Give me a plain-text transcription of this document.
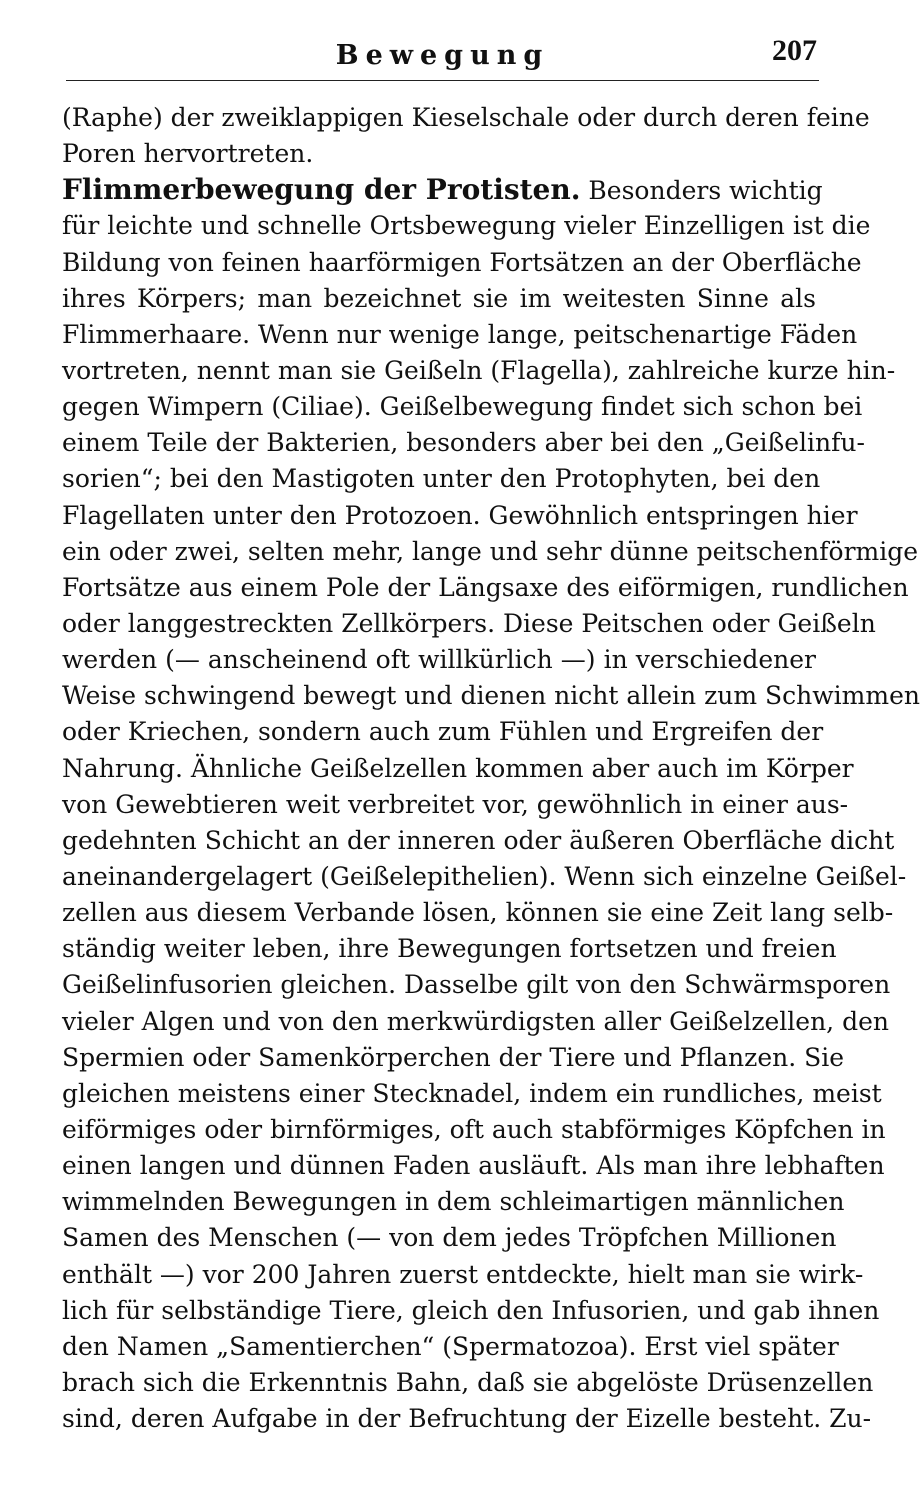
Bewegung	207
(Raphe) der zweiklappigen Kieselschale oder durch deren feine
Poren hervortreten.
Flimmerbewegung der Protisten. Besonders wichtig
für leichte und schnelle Ortsbewegung vieler Einzelligen ist die
Bildung von feinen haarförmigen Fortsätzen an der Oberfläche
ihres Körpers; man bezeichnet sie im weitesten Sinne als
Flimmerhaare. Wenn nur wenige lange, peitschenartige Fäden
vortreten, nennt man sie Geißeln (Flagella), zahlreiche kurze hin-
gegen Wimpern (Ciliae). Geißelbewegung findet sich schon bei
einem Teile der Bakterien, besonders aber bei den „Geißelinfu-
sorien“; bei den Mastigoten unter den Protophyten, bei den
Flagellaten unter den Protozoen. Gewöhnlich entspringen hier
ein oder zwei, selten mehr, lange und sehr dünne peitschenförmige
Fortsätze aus einem Pole der Längsaxe des eiförmigen, rundlichen
oder langgestreckten Zellkörpers. Diese Peitschen oder Geißeln
werden (— anscheinend oft willkürlich —) in verschiedener
Weise schwingend bewegt und dienen nicht allein zum Schwimmen
oder Kriechen, sondern auch zum Fühlen und Ergreifen der
Nahrung. Ähnliche Geißelzellen kommen aber auch im Körper
von Gewebtieren weit verbreitet vor, gewöhnlich in einer aus-
gedehnten Schicht an der inneren oder äußeren Oberfläche dicht
aneinandergelagert (Geißelepithelien). Wenn sich einzelne Geißel-
zellen aus diesem Verbande lösen, können sie eine Zeit lang selb-
ständig weiter leben, ihre Bewegungen fortsetzen und freien
Geißelinfusorien gleichen. Dasselbe gilt von den Schwärmsporen
vieler Algen und von den merkwürdigsten aller Geißelzellen, den
Spermien oder Samenkörperchen der Tiere und Pflanzen. Sie
gleichen meistens einer Stecknadel, indem ein rundliches, meist
eiförmiges oder birnförmiges, oft auch stabförmiges Köpfchen in
einen langen und dünnen Faden ausläuft. Als man ihre lebhaften
wimmelnden Bewegungen in dem schleimartigen männlichen
Samen des Menschen (— von dem jedes Tröpfchen Millionen
enthält —) vor 200 Jahren zuerst entdeckte, hielt man sie wirk-
lich für selbständige Tiere, gleich den Infusorien, und gab ihnen
den Namen „Samentierchen“ (Spermatozoa). Erst viel später
brach sich die Erkenntnis Bahn, daß sie abgelöste Drüsenzellen
sind, deren Aufgabe in der Befruchtung der Eizelle besteht. Zu-
